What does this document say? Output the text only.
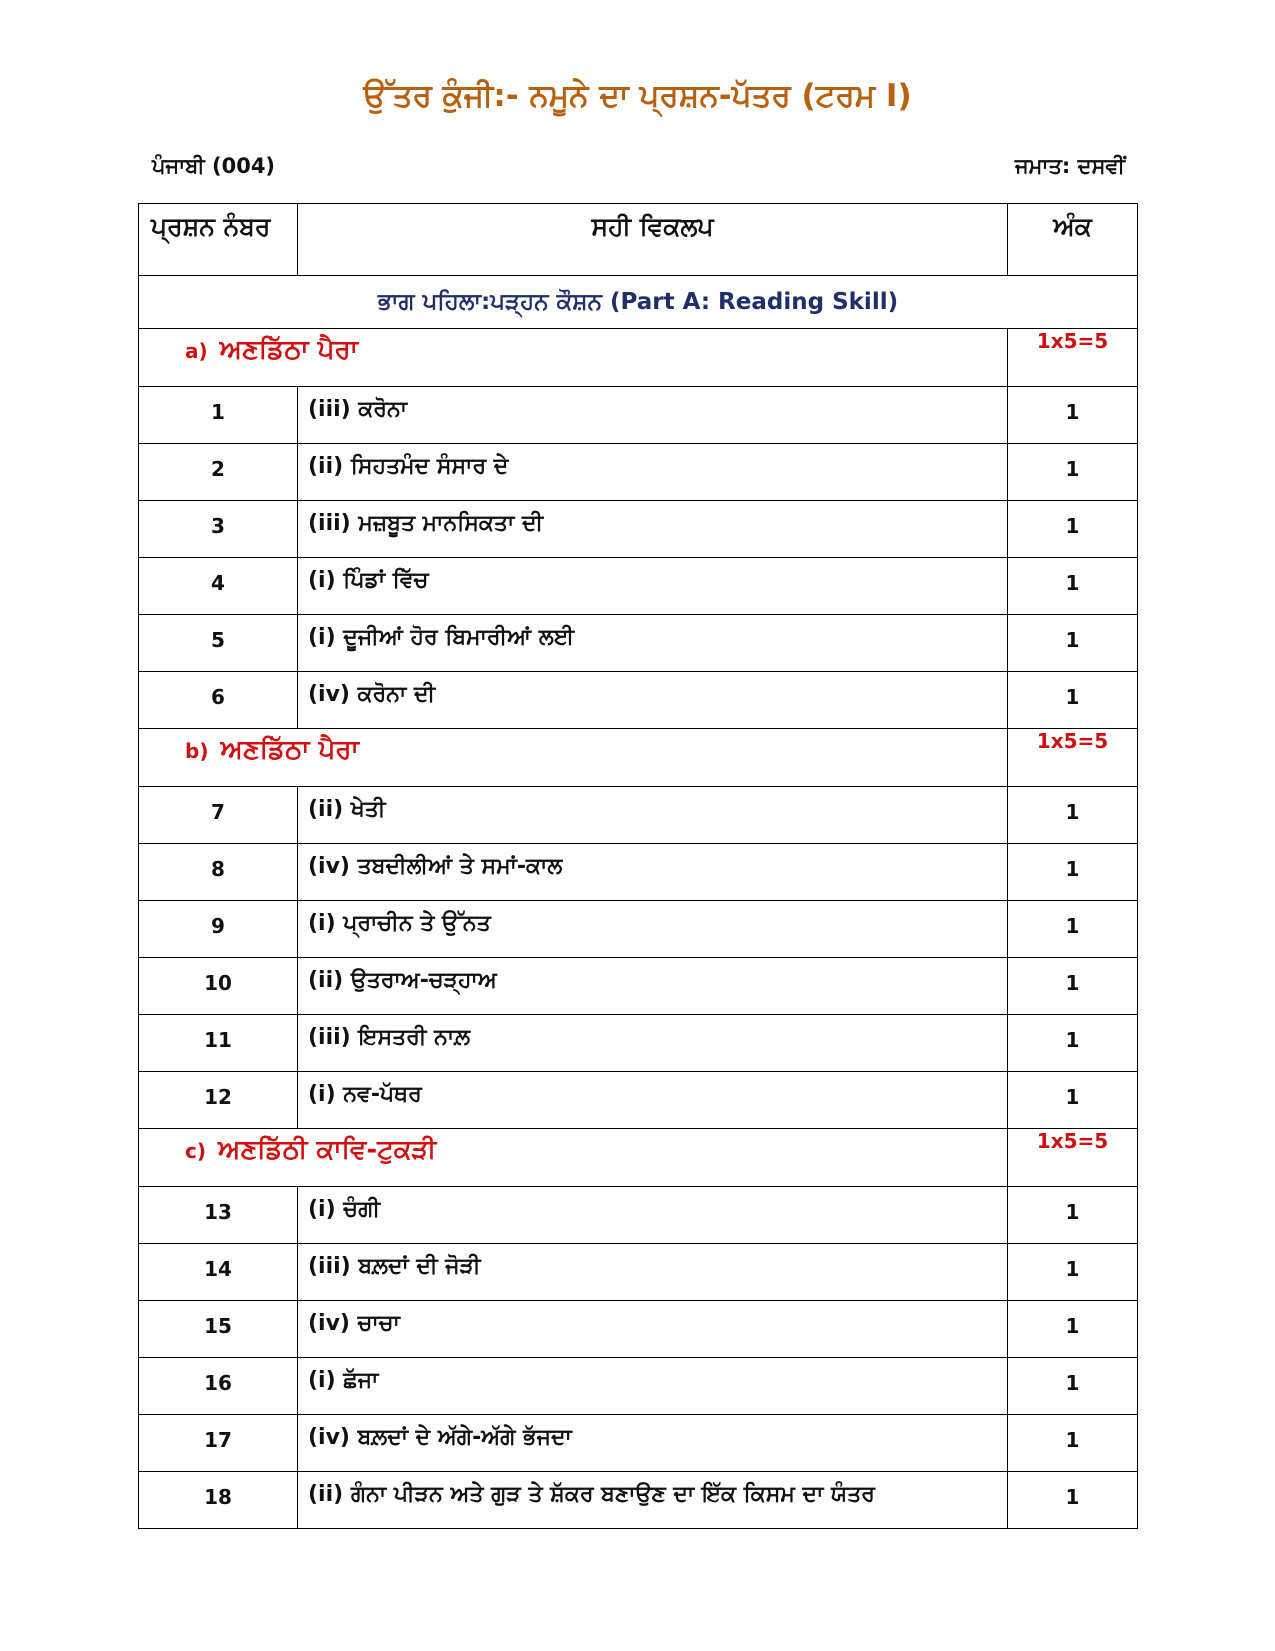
ਉੱਤਰ ਕੁੰਜੀ:- ਨਮੂਨੇ ਦਾ ਪ੍ਰਸ਼ਨ-ਪੱਤਰ (ਟਰਮ I)
ਪੰਜਾਬੀ (004)	ਜਮਾਤ: ਦਸਵੀਂ
ਪ੍ਰਸ਼ਨ ਨੰਬਰ	ਸਹੀ ਵਿਕਲਪ	ਅੰਕ
ਭਾਗ ਪਹਿਲਾ:ਪੜ੍ਹਨ ਕੌਸ਼ਨ (Part A: Reading Skill)		

a) ਅਣਡਿੱਠਾ ਪੈਰਾ		1x5=5
1	(iii) ਕਰੋਨਾ	1
2	(ii) ਸਿਹਤਮੰਦ ਸੰਸਾਰ ਦੇ	1
3	(iii) ਮਜ਼ਬੂਤ ਮਾਨਸਿਕਤਾ ਦੀ	1
4	(i) ਪਿੰਡਾਂ ਵਿੱਚ	1
5	(i) ਦੂਜੀਆਂ ਹੋਰ ਬਿਮਾਰੀਆਂ ਲਈ	1
6	(iv) ਕਰੋਨਾ ਦੀ	1

b) ਅਣਡਿੱਠਾ ਪੈਰਾ		1x5=5
7	(ii) ਖੇਤੀ	1
8	(iv) ਤਬਦੀਲੀਆਂ ਤੇ ਸਮਾਂ-ਕਾਲ	1
9	(i) ਪ੍ਰਾਚੀਨ ਤੇ ਉੱਨਤ	1
10	(ii) ਉਤਰਾਅ-ਚੜ੍ਹਾਅ	1
11	(iii) ਇਸਤਰੀ ਨਾਲ਼	1
12	(i) ਨਵ-ਪੱਥਰ	1

c) ਅਣਡਿੱਠੀ ਕਾਵਿ-ਟੁਕੜੀ		1x5=5
13	(i) ਚੰਗੀ	1
14	(iii) ਬਲ਼ਦਾਂ ਦੀ ਜੋੜੀ	1
15	(iv) ਚਾਚਾ	1
16	(i) ਛੱਜਾ	1
17	(iv) ਬਲ਼ਦਾਂ ਦੇ ਅੱਗੇ-ਅੱਗੇ ਭੱਜਦਾ	1
18	(ii) ਗੰਨਾ ਪੀੜਨ ਅਤੇ ਗੁੜ ਤੇ ਸ਼ੱਕਰ ਬਣਾਉਣ ਦਾ ਇੱਕ ਕਿਸਮ ਦਾ ਯੰਤਰ	1
